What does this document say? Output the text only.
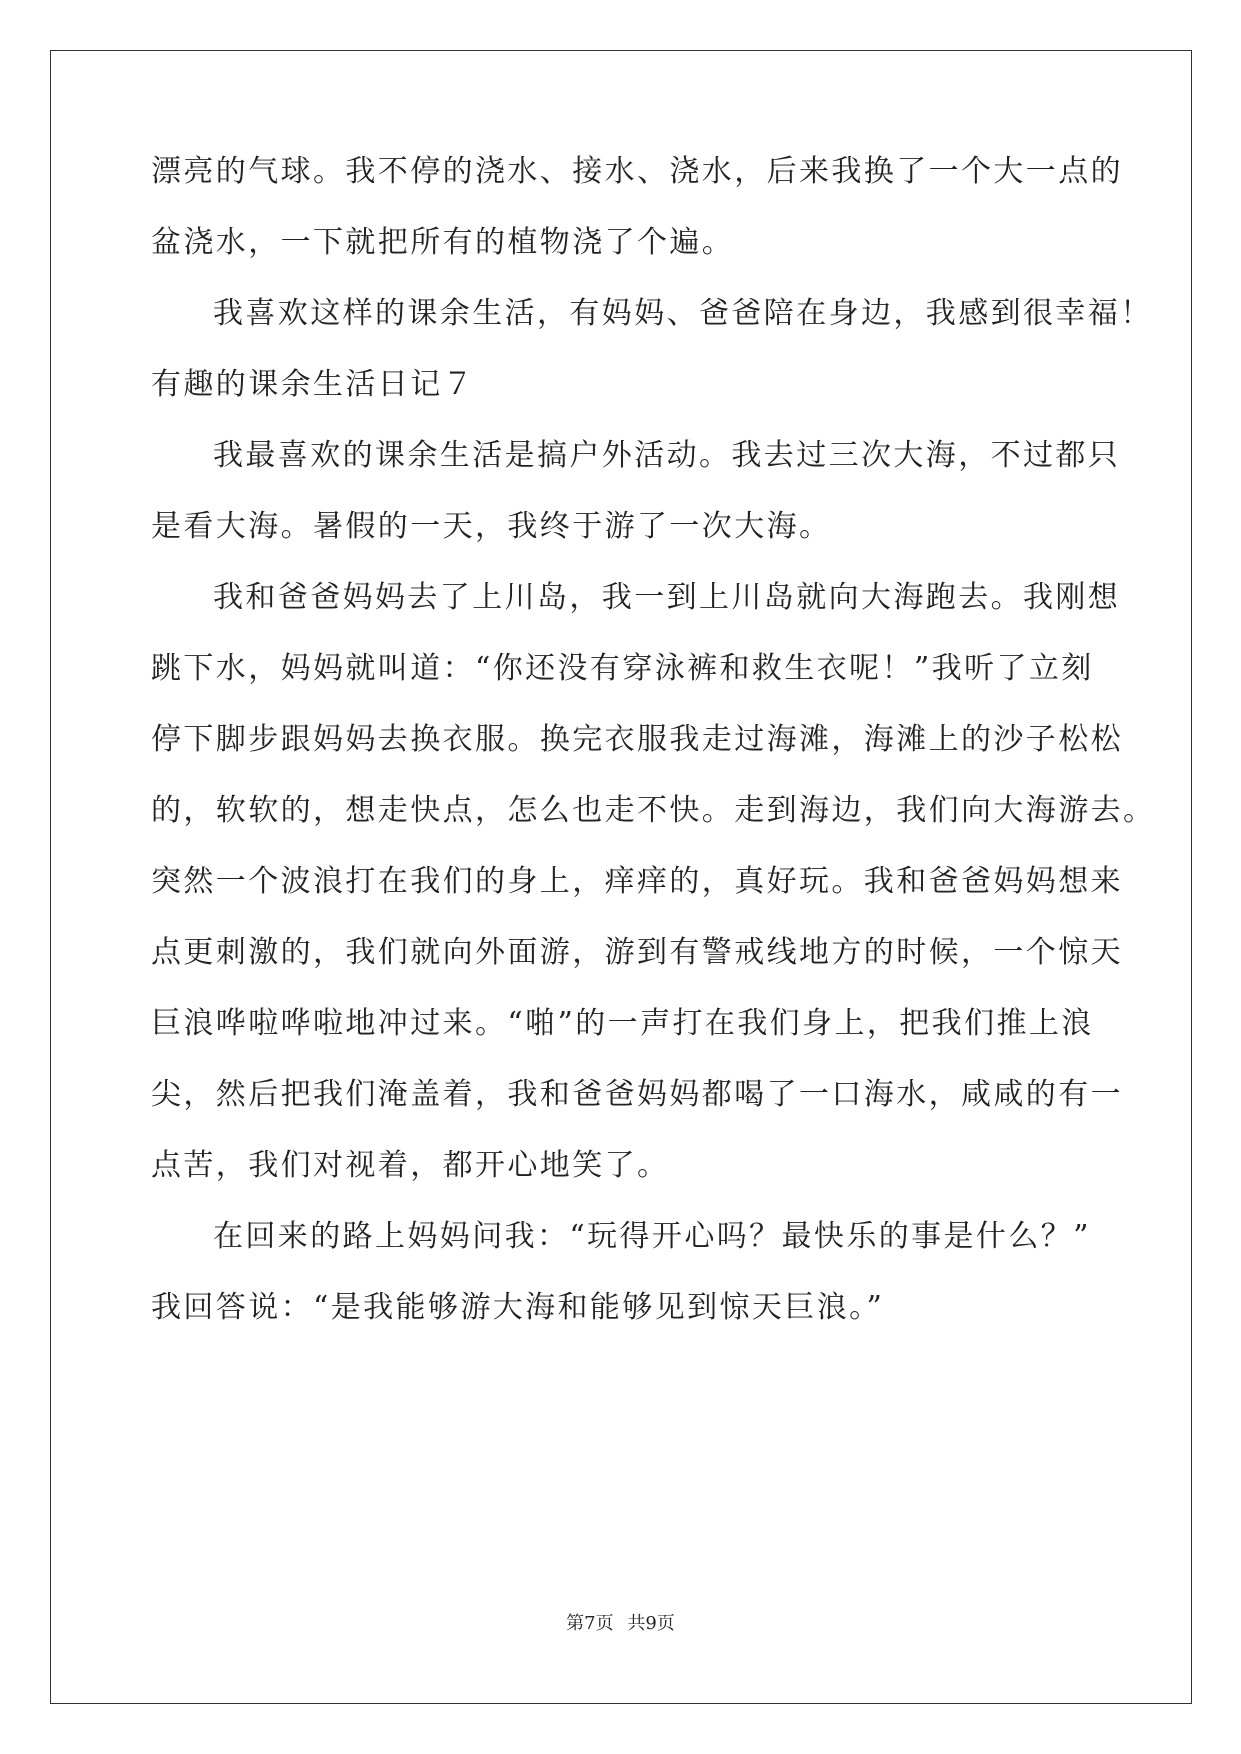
漂亮的气球。我不停的浇水、接水、浇水，后来我换了一个大一点的
盆浇水，一下就把所有的植物浇了个遍。
我喜欢这样的课余生活，有妈妈、爸爸陪在身边，我感到很幸福！
有趣的课余生活日记７
我最喜欢的课余生活是搞户外活动。我去过三次大海，不过都只
是看大海。暑假的一天，我终于游了一次大海。
我和爸爸妈妈去了上川岛，我一到上川岛就向大海跑去。我刚想
跳下水，妈妈就叫道：“你还没有穿泳裤和救生衣呢！”我听了立刻
停下脚步跟妈妈去换衣服。换完衣服我走过海滩，海滩上的沙子松松
的，软软的，想走快点，怎么也走不快。走到海边，我们向大海游去。
突然一个波浪打在我们的身上，痒痒的，真好玩。我和爸爸妈妈想来
点更刺激的，我们就向外面游，游到有警戒线地方的时候，一个惊天
巨浪哗啦哗啦地冲过来。“啪”的一声打在我们身上，把我们推上浪
尖，然后把我们淹盖着，我和爸爸妈妈都喝了一口海水，咸咸的有一
点苦，我们对视着，都开心地笑了。
在回来的路上妈妈问我：“玩得开心吗？最快乐的事是什么？”
我回答说：“是我能够游大海和能够见到惊天巨浪。”
第7页 共9页
